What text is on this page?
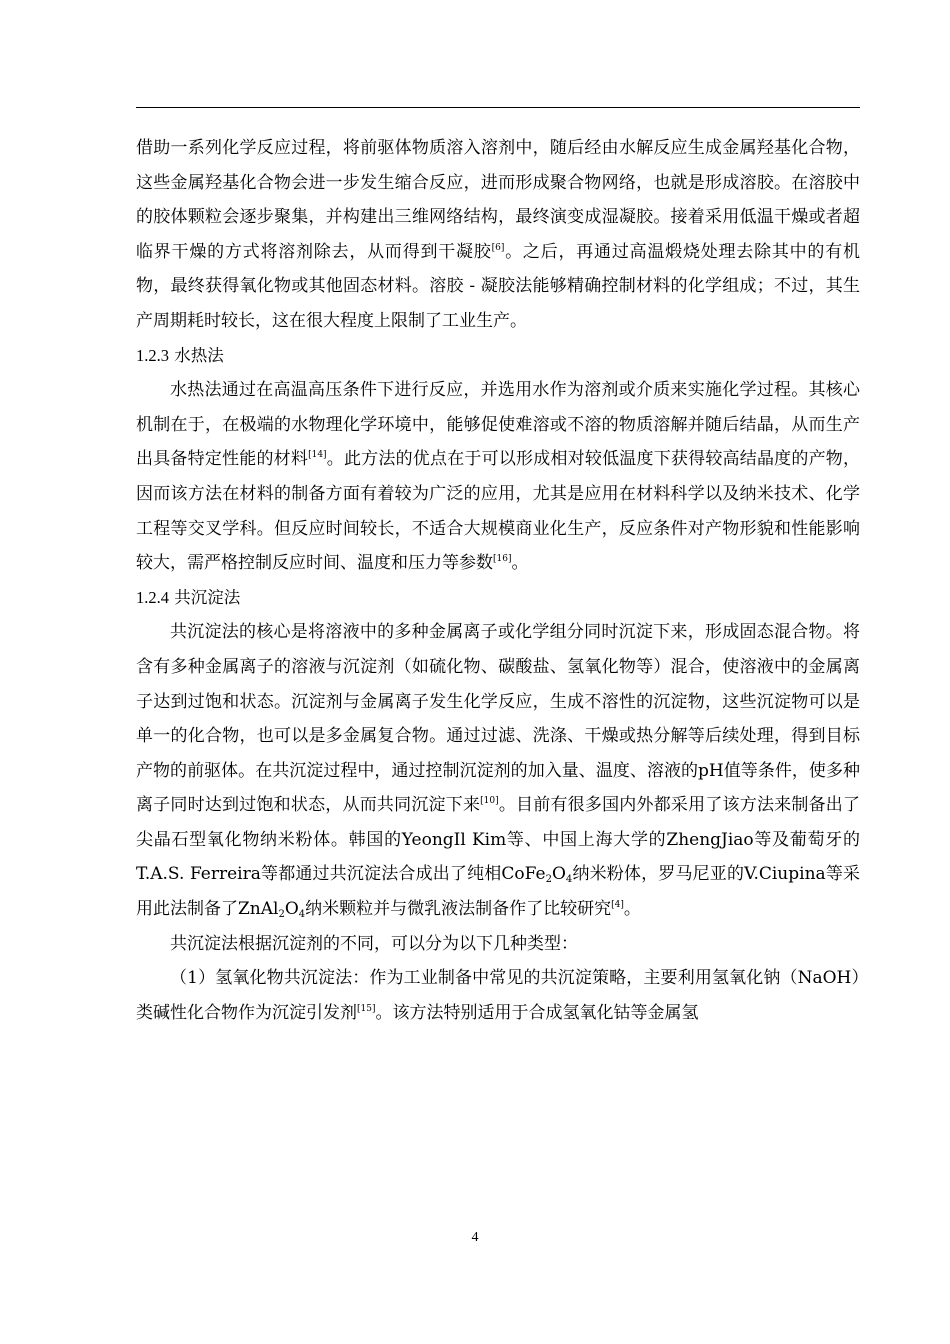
借助一系列化学反应过程，将前驱体物质溶入溶剂中，随后经由水解反应生成金属羟基化合物，这些金属羟基化合物会进一步发生缩合反应，进而形成聚合物网络，也就是形成溶胶。在溶胶中的胶体颗粒会逐步聚集，并构建出三维网络结构，最终演变成湿凝胶。接着采用低温干燥或者超临界干燥的方式将溶剂除去，从而得到干凝胶[6]。之后，再通过高温煅烧处理去除其中的有机物，最终获得氧化物或其他固态材料。溶胶 - 凝胶法能够精确控制材料的化学组成；不过，其生产周期耗时较长，这在很大程度上限制了工业生产。

1.2.3 水热法

水热法通过在高温高压条件下进行反应，并选用水作为溶剂或介质来实施化学过程。其核心机制在于，在极端的水物理化学环境中，能够促使难溶或不溶的物质溶解并随后结晶，从而生产出具备特定性能的材料[14]。此方法的优点在于可以形成相对较低温度下获得较高结晶度的产物，因而该方法在材料的制备方面有着较为广泛的应用，尤其是应用在材料科学以及纳米技术、化学工程等交叉学科。但反应时间较长，不适合大规模商业化生产，反应条件对产物形貌和性能影响较大，需严格控制反应时间、温度和压力等参数[16]。

1.2.4 共沉淀法

共沉淀法的核心是将溶液中的多种金属离子或化学组分同时沉淀下来，形成固态混合物。将含有多种金属离子的溶液与沉淀剂（如硫化物、碳酸盐、氢氧化物等）混合，使溶液中的金属离子达到过饱和状态。沉淀剂与金属离子发生化学反应，生成不溶性的沉淀物，这些沉淀物可以是单一的化合物，也可以是多金属复合物。通过过滤、洗涤、干燥或热分解等后续处理，得到目标产物的前驱体。在共沉淀过程中，通过控制沉淀剂的加入量、温度、溶液的pH值等条件，使多种离子同时达到过饱和状态，从而共同沉淀下来[10]。目前有很多国内外都采用了该方法来制备出了尖晶石型氧化物纳米粉体。韩国的YeongIl Kim等、中国上海大学的ZhengJiao等及葡萄牙的T.A.S. Ferreira等都通过共沉淀法合成出了纯相$CoFe_2O_4$纳米粉体，罗马尼亚的V.Ciupina等采用此法制备了$ZnAl_2O_4$纳米颗粒并与微乳液法制备作了比较研究[4]。

共沉淀法根据沉淀剂的不同，可以分为以下几种类型：

（1）氢氧化物共沉淀法：作为工业制备中常见的共沉淀策略，主要利用氢氧化钠（NaOH）类碱性化合物作为沉淀引发剂[15]。该方法特别适用于合成氢氧化钴等金属氢

4
